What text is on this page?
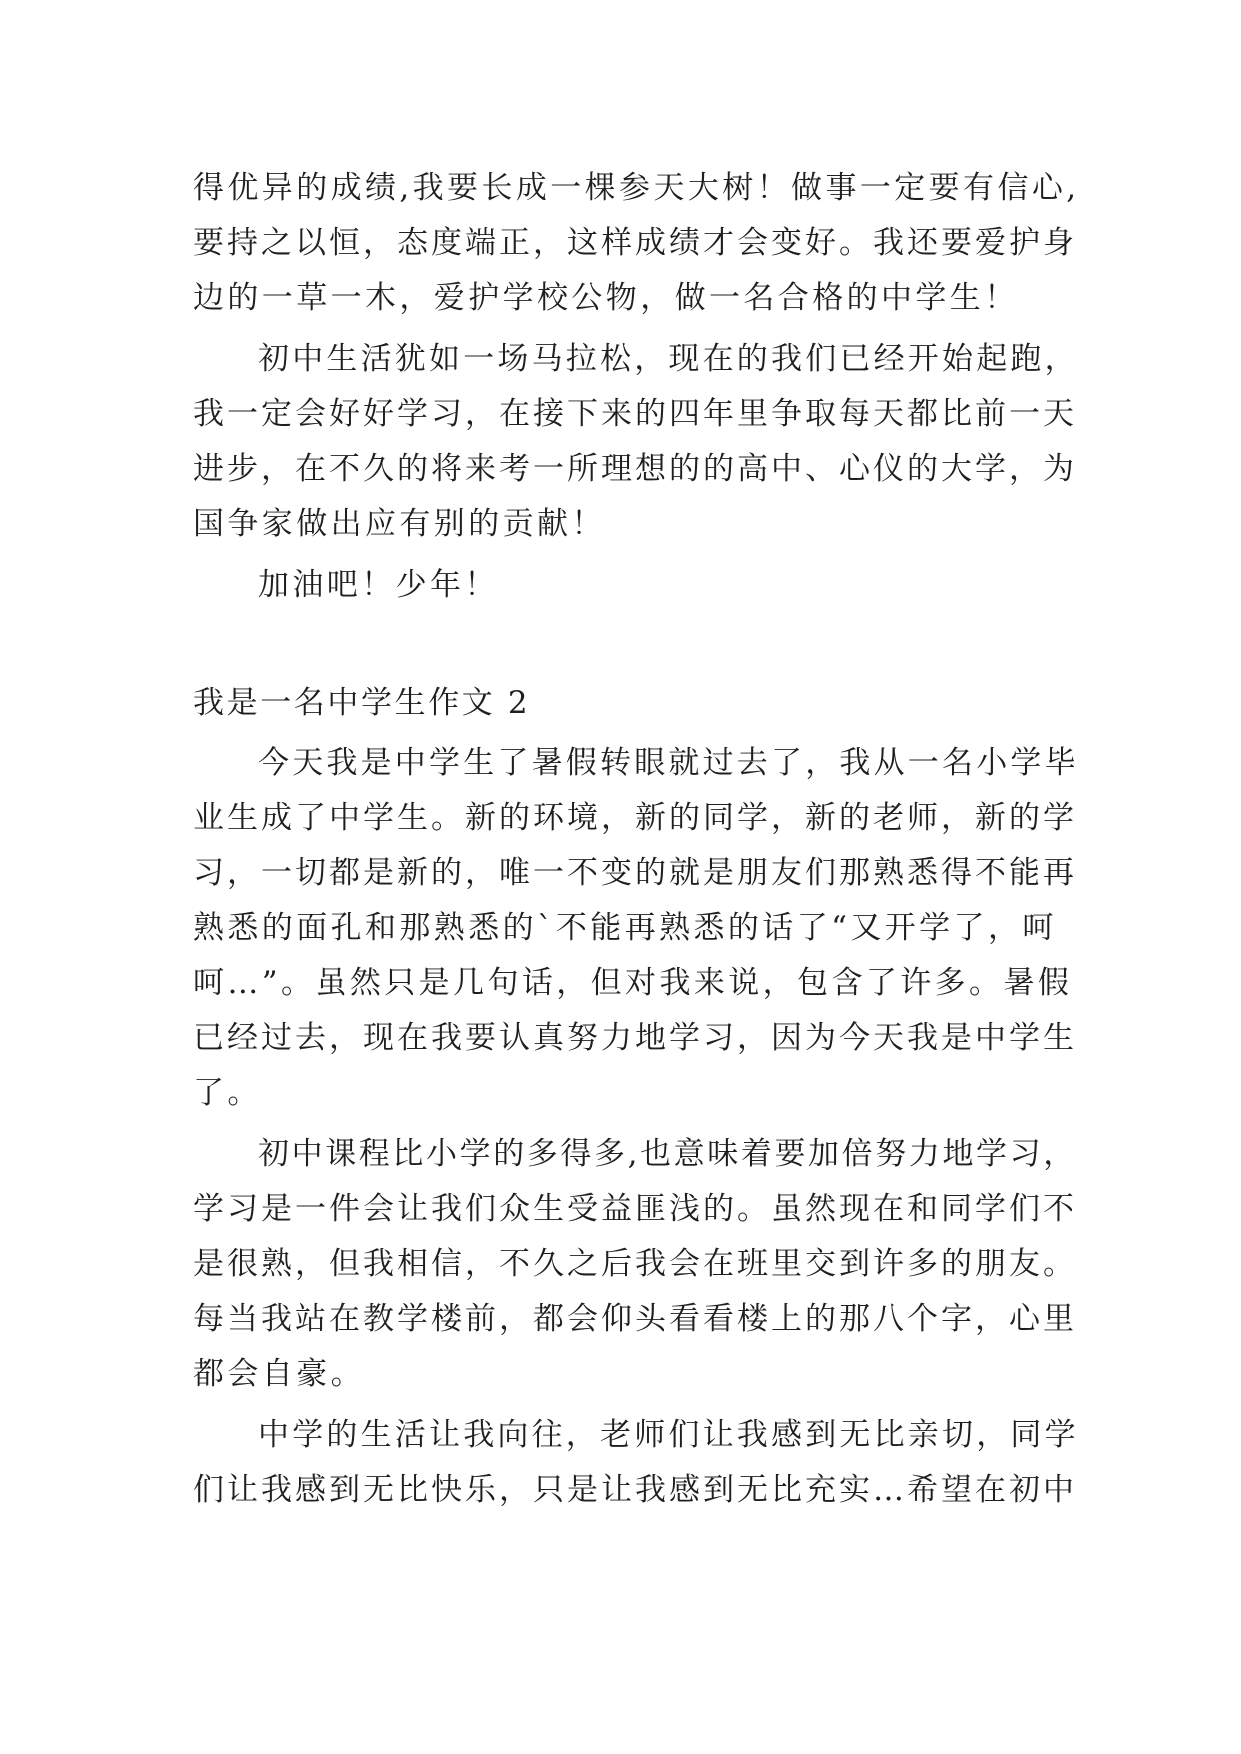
得优异的成绩,我要长成一棵参天大树！做事一定要有信心,
要持之以恒，态度端正，这样成绩才会变好。我还要爱护身
边的一草一木，爱护学校公物，做一名合格的中学生！
初中生活犹如一场马拉松，现在的我们已经开始起跑，
我一定会好好学习，在接下来的四年里争取每天都比前一天
进步，在不久的将来考一所理想的的高中、心仪的大学，为
国争家做出应有别的贡献！
加油吧！少年！
我是一名中学生作文 2
今天我是中学生了暑假转眼就过去了，我从一名小学毕
业生成了中学生。新的环境，新的同学，新的老师，新的学
习，一切都是新的，唯一不变的就是朋友们那熟悉得不能再
熟悉的面孔和那熟悉的`不能再熟悉的话了“又开学了，呵
呵…”。虽然只是几句话，但对我来说，包含了许多。暑假
已经过去，现在我要认真努力地学习，因为今天我是中学生
了。
初中课程比小学的多得多,也意味着要加倍努力地学习，
学习是一件会让我们众生受益匪浅的。虽然现在和同学们不
是很熟，但我相信，不久之后我会在班里交到许多的朋友。
每当我站在教学楼前，都会仰头看看楼上的那八个字，心里
都会自豪。
中学的生活让我向往，老师们让我感到无比亲切，同学
们让我感到无比快乐，只是让我感到无比充实…希望在初中
